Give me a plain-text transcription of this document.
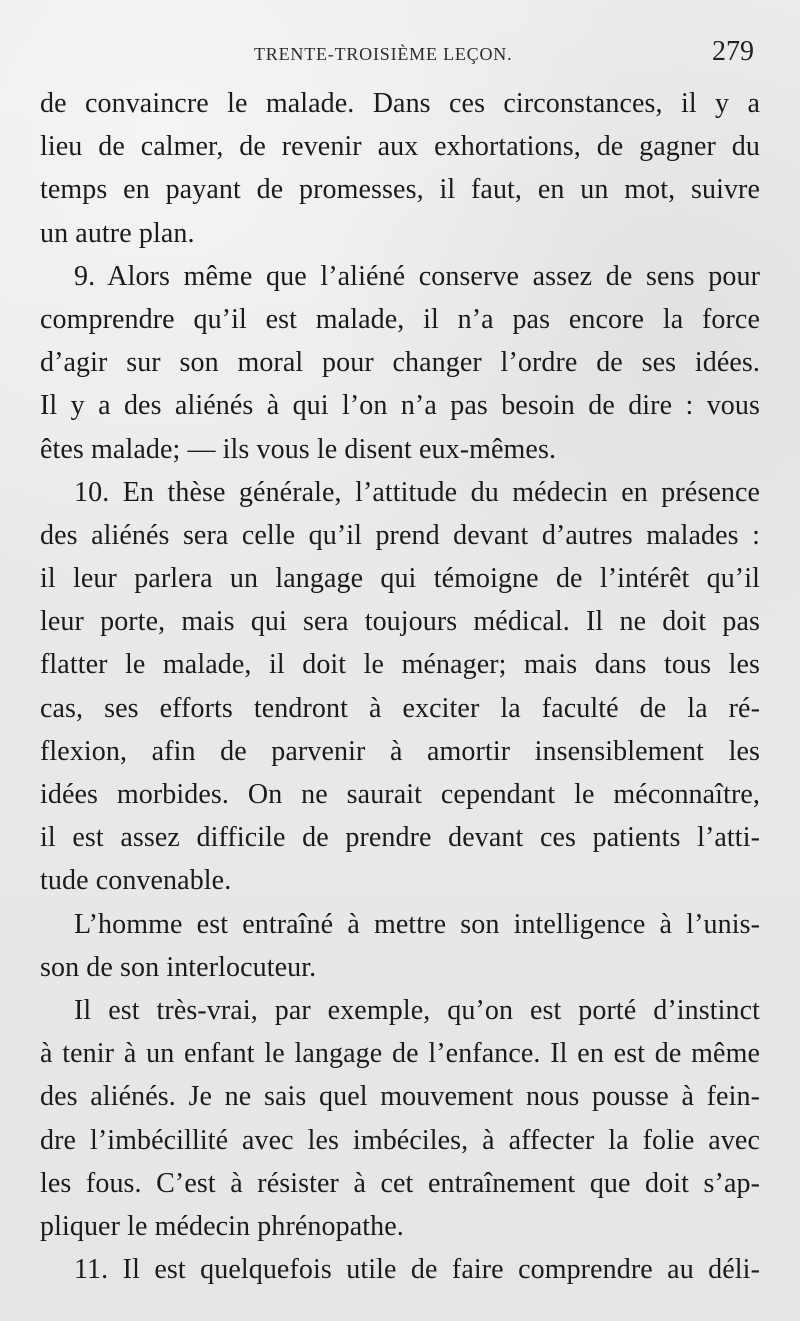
TRENTE-TROISIÈME LEÇON.	279
de convaincre le malade. Dans ces circonstances, il y a
lieu de calmer, de revenir aux exhortations, de gagner du
temps en payant de promesses, il faut, en un mot, suivre
un autre plan.
9. Alors même que l’aliéné conserve assez de sens pour
comprendre qu’il est malade, il n’a pas encore la force
d’agir sur son moral pour changer l’ordre de ses idées.
Il y a des aliénés à qui l’on n’a pas besoin de dire : vous
êtes malade; — ils vous le disent eux-mêmes.
10. En thèse générale, l’attitude du médecin en présence
des aliénés sera celle qu’il prend devant d’autres malades :
il leur parlera un langage qui témoigne de l’intérêt qu’il
leur porte, mais qui sera toujours médical. Il ne doit pas
flatter le malade, il doit le ménager; mais dans tous les
cas, ses efforts tendront à exciter la faculté de la ré-
flexion, afin de parvenir à amortir insensiblement les
idées morbides. On ne saurait cependant le méconnaître,
il est assez difficile de prendre devant ces patients l’atti-
tude convenable.
L’homme est entraîné à mettre son intelligence à l’unis-
son de son interlocuteur.
Il est très-vrai, par exemple, qu’on est porté d’instinct
à tenir à un enfant le langage de l’enfance. Il en est de même
des aliénés. Je ne sais quel mouvement nous pousse à fein-
dre l’imbécillité avec les imbéciles, à affecter la folie avec
les fous. C’est à résister à cet entraînement que doit s’ap-
pliquer le médecin phrénopathe.
11. Il est quelquefois utile de faire comprendre au déli-
